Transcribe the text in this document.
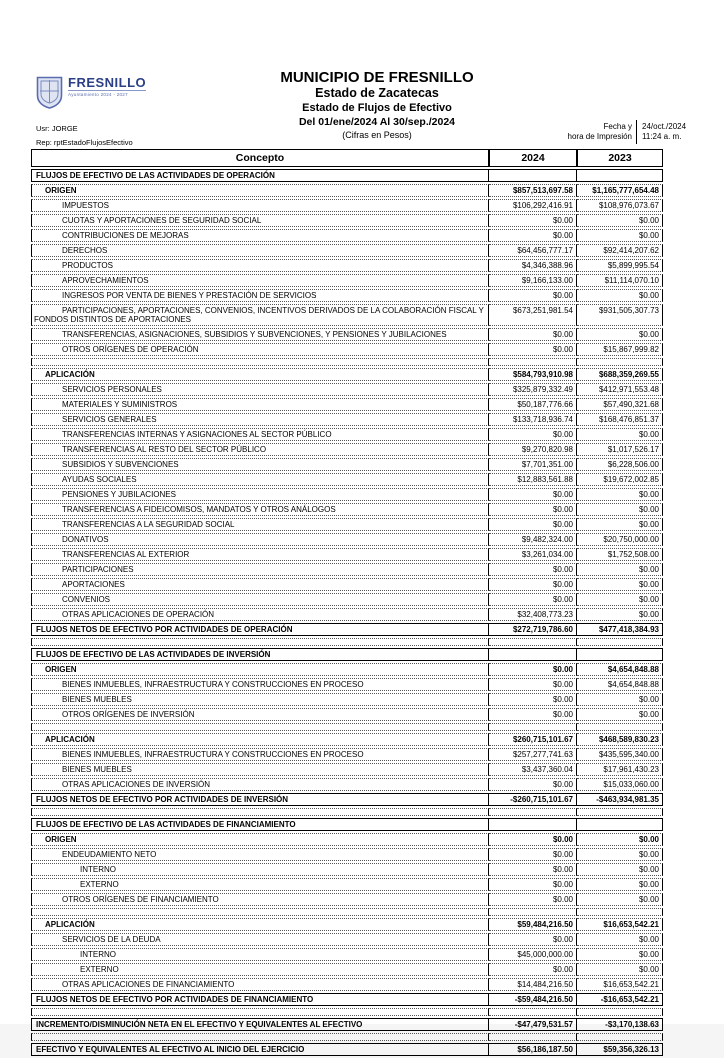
FRESNILLO
Ayuntamiento 2024 - 2027
MUNICIPIO DE FRESNILLO
Estado de Zacatecas
Estado de Flujos de Efectivo
Del 01/ene/2024 Al 30/sep./2024
(Cifras en Pesos)
Usr: JORGE
Rep: rptEstadoFlujosEfectivo
Fecha y
hora de Impresión
24/oct./2024
11:24 a. m.
Concepto	2024	2023
FLUJOS DE EFECTIVO DE LAS ACTIVIDADES DE OPERACIÓN		
ORIGEN	$857,513,697.58	$1,165,777,654.48
IMPUESTOS	$106,292,416.91	$108,976,073.67
CUOTAS Y APORTACIONES DE SEGURIDAD SOCIAL	$0.00	$0.00
CONTRIBUCIONES DE MEJORAS	$0.00	$0.00
DERECHOS	$64,456,777.17	$92,414,207.62
PRODUCTOS	$4,346,388.96	$5,899,995.54
APROVECHAMIENTOS	$9,166,133.00	$11,114,070.10
INGRESOS POR VENTA DE BIENES Y PRESTACIÓN DE SERVICIOS	$0.00	$0.00
PARTICIPACIONES, APORTACIONES, CONVENIOS, INCENTIVOS DERIVADOS DE LA COLABORACIÓN FISCAL Y FONDOS DISTINTOS DE APORTACIONES	$673,251,981.54	$931,505,307.73
TRANSFERENCIAS, ASIGNACIONES, SUBSIDIOS Y SUBVENCIONES, Y PENSIONES Y JUBILACIONES	$0.00	$0.00
OTROS ORÍGENES DE OPERACIÓN	$0.00	$15,867,999.82

APLICACIÓN	$584,793,910.98	$688,359,269.55
SERVICIOS PERSONALES	$325,879,332.49	$412,971,553.48
MATERIALES Y SUMINISTROS	$50,187,776.66	$57,490,321.68
SERVICIOS GENERALES	$133,718,936.74	$168,476,851.37
TRANSFERENCIAS INTERNAS Y ASIGNACIONES AL SECTOR PÚBLICO	$0.00	$0.00
TRANSFERENCIAS AL RESTO DEL SECTOR PÚBLICO	$9,270,820.98	$1,017,526.17
SUBSIDIOS Y SUBVENCIONES	$7,701,351.00	$6,228,506.00
AYUDAS SOCIALES	$12,883,561.88	$19,672,002.85
PENSIONES Y JUBILACIONES	$0.00	$0.00
TRANSFERENCIAS A FIDEICOMISOS, MANDATOS Y OTROS ANÁLOGOS	$0.00	$0.00
TRANSFERENCIAS A LA SEGURIDAD SOCIAL	$0.00	$0.00
DONATIVOS	$9,482,324.00	$20,750,000.00
TRANSFERENCIAS AL EXTERIOR	$3,261,034.00	$1,752,508.00
PARTICIPACIONES	$0.00	$0.00
APORTACIONES	$0.00	$0.00
CONVENIOS	$0.00	$0.00
OTRAS APLICACIONES DE OPERACIÓN	$32,408,773.23	$0.00
FLUJOS NETOS DE EFECTIVO POR ACTIVIDADES DE OPERACIÓN	$272,719,786.60	$477,418,384.93

FLUJOS DE EFECTIVO DE LAS ACTIVIDADES DE INVERSIÓN		
ORIGEN	$0.00	$4,654,848.88
BIENES INMUEBLES, INFRAESTRUCTURA Y CONSTRUCCIONES EN PROCESO	$0.00	$4,654,848.88
BIENES MUEBLES	$0.00	$0.00
OTROS ORÍGENES DE INVERSIÓN	$0.00	$0.00

APLICACIÓN	$260,715,101.67	$468,589,830.23
BIENES INMUEBLES, INFRAESTRUCTURA Y CONSTRUCCIONES EN PROCESO	$257,277,741.63	$435,595,340.00
BIENES MUEBLES	$3,437,360.04	$17,961,430.23
OTRAS APLICACIONES DE INVERSIÓN	$0.00	$15,033,060.00
FLUJOS NETOS DE EFECTIVO POR ACTIVIDADES DE INVERSIÓN	-$260,715,101.67	-$463,934,981.35

FLUJOS DE EFECTIVO DE LAS ACTIVIDADES DE FINANCIAMIENTO		
ORIGEN	$0.00	$0.00
ENDEUDAMIENTO NETO	$0.00	$0.00
INTERNO	$0.00	$0.00
EXTERNO	$0.00	$0.00
OTROS ORÍGENES DE FINANCIAMIENTO	$0.00	$0.00

APLICACIÓN	$59,484,216.50	$16,653,542.21
SERVICIOS DE LA DEUDA	$0.00	$0.00
INTERNO	$45,000,000.00	$0.00
EXTERNO	$0.00	$0.00
OTRAS APLICACIONES DE FINANCIAMIENTO	$14,484,216.50	$16,653,542.21
FLUJOS NETOS DE EFECTIVO POR ACTIVIDADES DE FINANCIAMIENTO	-$59,484,216.50	-$16,653,542.21

INCREMENTO/DISMINUCIÓN NETA EN EL EFECTIVO Y EQUIVALENTES AL EFECTIVO	-$47,479,531.57	-$3,170,138.63

EFECTIVO Y EQUIVALENTES AL EFECTIVO AL INICIO DEL EJERCICIO	$56,186,187.50	$59,356,326.13
